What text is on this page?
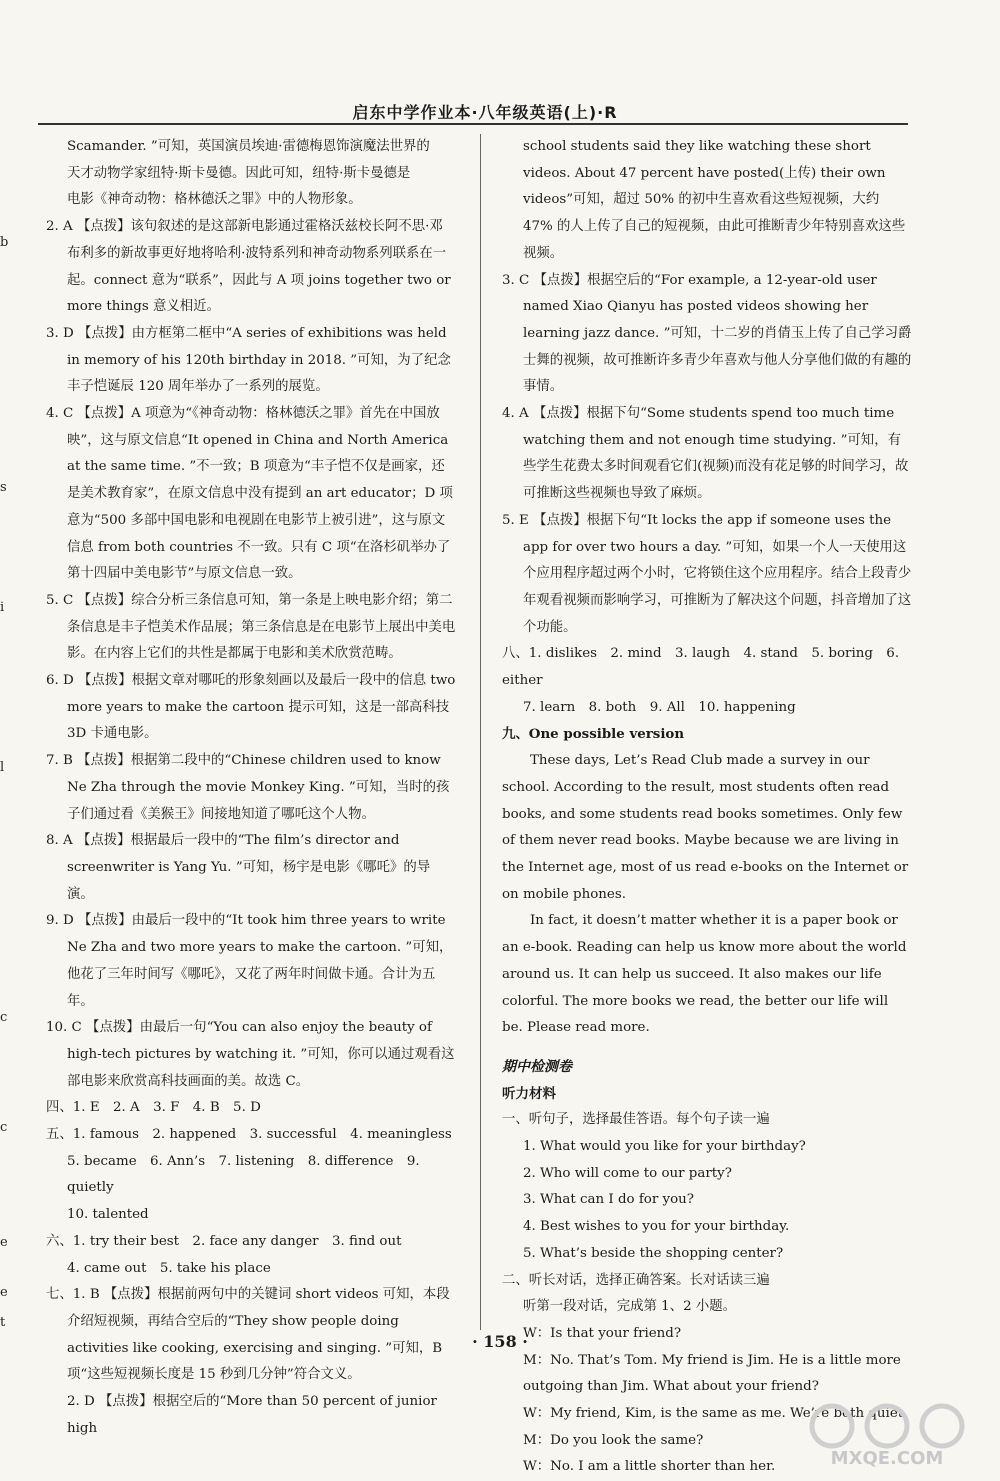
启东中学作业本·八年级英语(上)·R

Scamander. ”可知，英国演员埃迪·雷德梅恩饰演魔法世界的

天才动物学家纽特·斯卡曼德。因此可知，纽特·斯卡曼德是

电影《神奇动物：格林德沃之罪》中的人物形象。

2. A 【点拨】该句叙述的是这部新电影通过霍格沃兹校长阿不思·邓布利多的新故事更好地将哈利·波特系列和神奇动物系列联系在一起。connect 意为“联系”，因此与 A 项 joins together two or more things 意义相近。

3. D 【点拨】由方框第二框中“A series of exhibitions was held in memory of his 120th birthday in 2018. ”可知，为了纪念丰子恺诞辰 120 周年举办了一系列的展览。

4. C 【点拨】A 项意为“《神奇动物：格林德沃之罪》首先在中国放映”，这与原文信息“It opened in China and North America at the same time. ”不一致；B 项意为“丰子恺不仅是画家，还是美术教育家”，在原文信息中没有提到 an art educator；D 项意为“500 多部中国电影和电视剧在电影节上被引进”，这与原文信息 from both countries 不一致。只有 C 项“在洛杉矶举办了第十四届中美电影节”与原文信息一致。

5. C 【点拨】综合分析三条信息可知，第一条是上映电影介绍；第二条信息是丰子恺美术作品展；第三条信息是在电影节上展出中美电影。在内容上它们的共性是都属于电影和美术欣赏范畴。

6. D 【点拨】根据文章对哪吒的形象刻画以及最后一段中的信息 two more years to make the cartoon 提示可知，这是一部高科技 3D 卡通电影。

7. B 【点拨】根据第二段中的“Chinese children used to know Ne Zha through the movie Monkey King. ”可知，当时的孩子们通过看《美猴王》间接地知道了哪吒这个人物。

8. A 【点拨】根据最后一段中的“The film’s director and screenwriter is Yang Yu. ”可知，杨宇是电影《哪吒》的导演。

9. D 【点拨】由最后一段中的“It took him three years to write Ne Zha and two more years to make the cartoon. ”可知，他花了三年时间写《哪吒》，又花了两年时间做卡通。合计为五年。

10. C 【点拨】由最后一句“You can also enjoy the beauty of high-tech pictures by watching it. ”可知，你可以通过观看这部电影来欣赏高科技画面的美。故选 C。

四、1. E　2. A　3. F　4. B　5. D

五、1. famous　2. happened　3. successful　4. meaningless

5. became　6. Ann’s　7. listening　8. difference　9. quietly

10. talented

六、1. try their best　2. face any danger　3. find out

4. came out　5. take his place

七、1. B 【点拨】根据前两句中的关键词 short videos 可知，本段介绍短视频，再结合空后的“They show people doing activities like cooking, exercising and singing. ”可知，B 项“这些短视频长度是 15 秒到几分钟”符合文义。

2. D 【点拨】根据空后的“More than 50 percent of junior high

school students said they like watching these short videos. About 47 percent have posted(上传) their own videos”可知，超过 50% 的初中生喜欢看这些短视频，大约 47% 的人上传了自己的短视频，由此可推断青少年特别喜欢这些视频。

3. C 【点拨】根据空后的“For example, a 12-year-old user named Xiao Qianyu has posted videos showing her learning jazz dance. ”可知，十二岁的肖倩玉上传了自己学习爵士舞的视频，故可推断许多青少年喜欢与他人分享他们做的有趣的事情。

4. A 【点拨】根据下句“Some students spend too much time watching them and not enough time studying. ”可知，有些学生花费太多时间观看它们(视频)而没有花足够的时间学习，故可推断这些视频也导致了麻烦。

5. E 【点拨】根据下句“It locks the app if someone uses the app for over two hours a day. ”可知，如果一个人一天使用这个应用程序超过两个小时，它将锁住这个应用程序。结合上段青少年观看视频而影响学习，可推断为了解决这个问题，抖音增加了这个功能。

八、1. dislikes　2. mind　3. laugh　4. stand　5. boring　6. either

7. learn　8. both　9. All　10. happening

九、One possible version

These days, Let’s Read Club made a survey in our school. According to the result, most students often read books, and some students read books sometimes. Only few of them never read books. Maybe because we are living in the Internet age, most of us read e-books on the Internet or on mobile phones.

In fact, it doesn’t matter whether it is a paper book or an e-book. Reading can help us know more about the world around us. It can help us succeed. It also makes our life colorful. The more books we read, the better our life will be. Please read more.

期中检测卷

听力材料

一、听句子，选择最佳答语。每个句子读一遍

1. What would you like for your birthday?

2. Who will come to our party?

3. What can I do for you?

4. Best wishes to you for your birthday.

5. What’s beside the shopping center?

二、听长对话，选择正确答案。长对话读三遍

听第一段对话，完成第 1、2 小题。

W：Is that your friend?

M：No. That’s Tom. My friend is Jim. He is a little more outgoing than Jim. What about your friend?

W：My friend, Kim, is the same as me. We’re both quiet.

M：Do you look the same?

W：No. I am a little shorter than her.

b
s
i
l
c
c
e
e
t
· 158 ·
MXQE.COM
